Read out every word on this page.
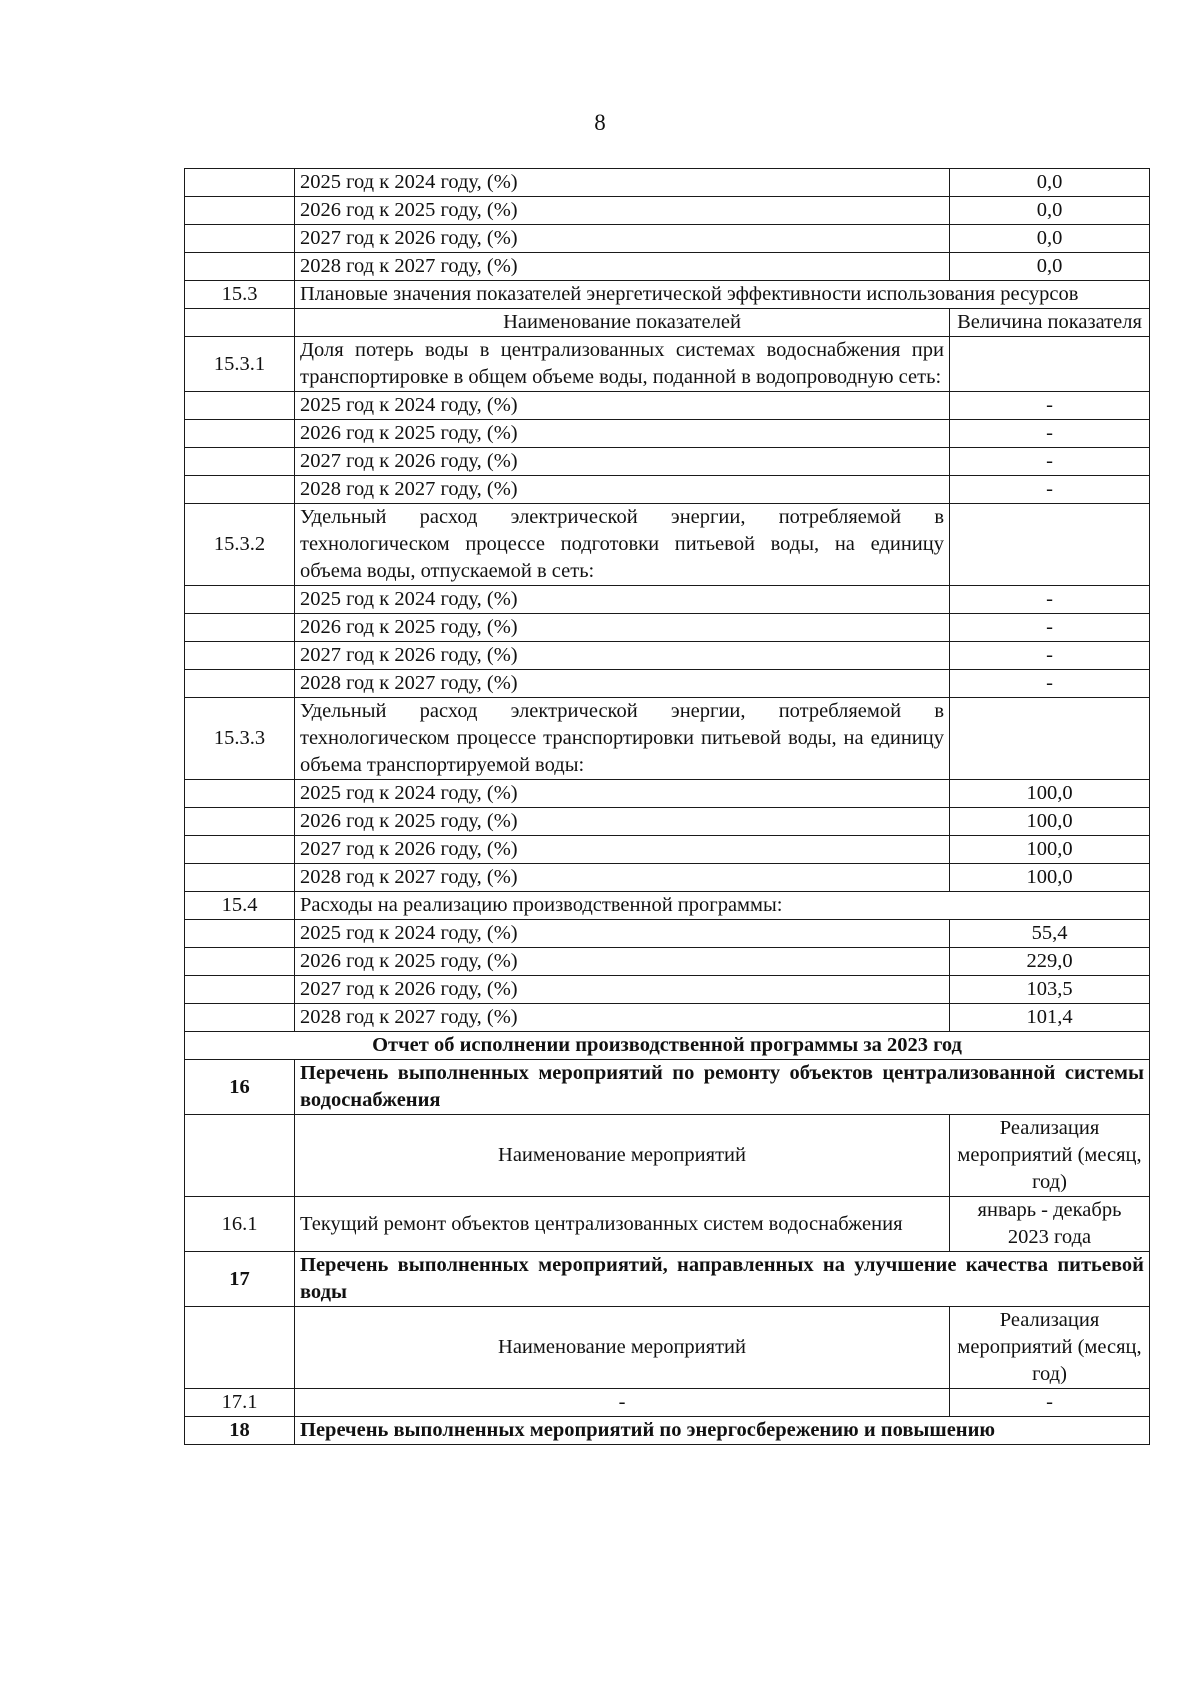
8
	2025 год к 2024 году, (%)	0,0
	2026 год к 2025 году, (%)	0,0
	2027 год к 2026 году, (%)	0,0
	2028 год к 2027 году, (%)	0,0
15.3	Плановые значения показателей энергетической эффективности использования ресурсов	
	Наименование показателей	Величина показателя
15.3.1	Доля потерь воды в централизованных системах водоснабжения при транспортировке в общем объеме воды, поданной в водопроводную сеть:	
	2025 год к 2024 году, (%)	-
	2026 год к 2025 году, (%)	-
	2027 год к 2026 году, (%)	-
	2028 год к 2027 году, (%)	-
15.3.2	Удельный расход электрической энергии, потребляемой в технологическом процессе подготовки питьевой воды, на единицу объема воды, отпускаемой в сеть:	
	2025 год к 2024 году, (%)	-
	2026 год к 2025 году, (%)	-
	2027 год к 2026 году, (%)	-
	2028 год к 2027 году, (%)	-
15.3.3	Удельный расход электрической энергии, потребляемой в технологическом процессе транспортировки питьевой воды, на единицу объема транспортируемой воды:	
	2025 год к 2024 году, (%)	100,0
	2026 год к 2025 году, (%)	100,0
	2027 год к 2026 году, (%)	100,0
	2028 год к 2027 году, (%)	100,0
15.4	Расходы на реализацию производственной программы:	
	2025 год к 2024 году, (%)	55,4
	2026 год к 2025 году, (%)	229,0
	2027 год к 2026 году, (%)	103,5
	2028 год к 2027 году, (%)	101,4
Отчет об исполнении производственной программы за 2023 год		
16	Перечень выполненных мероприятий по ремонту объектов централизованной системы водоснабжения	
	Наименование мероприятий	Реализация мероприятий (месяц, год)
16.1	Текущий ремонт объектов централизованных систем водоснабжения	январь - декабрь 2023 года
17	Перечень выполненных мероприятий, направленных на улучшение качества питьевой воды	
	Наименование мероприятий	Реализация мероприятий (месяц, год)
17.1	-	-
18	Перечень выполненных мероприятий по энергосбережению и повышению	
